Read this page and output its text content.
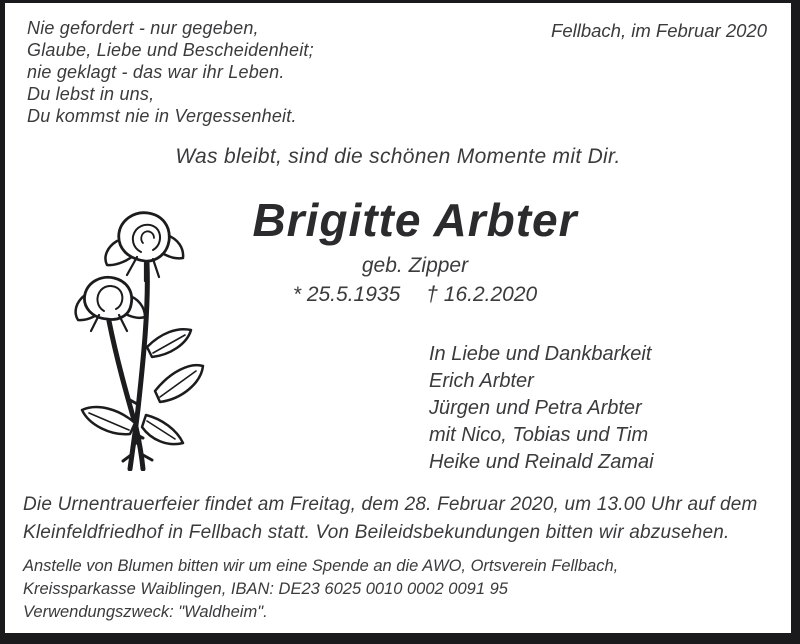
Nie gefordert - nur gegeben,
Glaube, Liebe und Bescheidenheit;
nie geklagt - das war ihr Leben.
Du lebst in uns,
Du kommst nie in Vergessenheit.
Fellbach, im Februar 2020
Was bleibt, sind die schönen Momente mit Dir.
Brigitte Arbter
geb. Zipper
* 25.5.1935 † 16.2.2020
In Liebe und Dankbarkeit
Erich Arbter
Jürgen und Petra Arbter
mit Nico, Tobias und Tim
Heike und Reinald Zamai
Die Urnentrauerfeier findet am Freitag, dem 28. Februar 2020, um 13.00 Uhr auf dem
Kleinfeldfriedhof in Fellbach statt. Von Beileidsbekundungen bitten wir abzusehen.
Anstelle von Blumen bitten wir um eine Spende an die AWO, Ortsverein Fellbach,
Kreissparkasse Waiblingen, IBAN: DE23 6025 0010 0002 0091 95
Verwendungszweck: "Waldheim".
